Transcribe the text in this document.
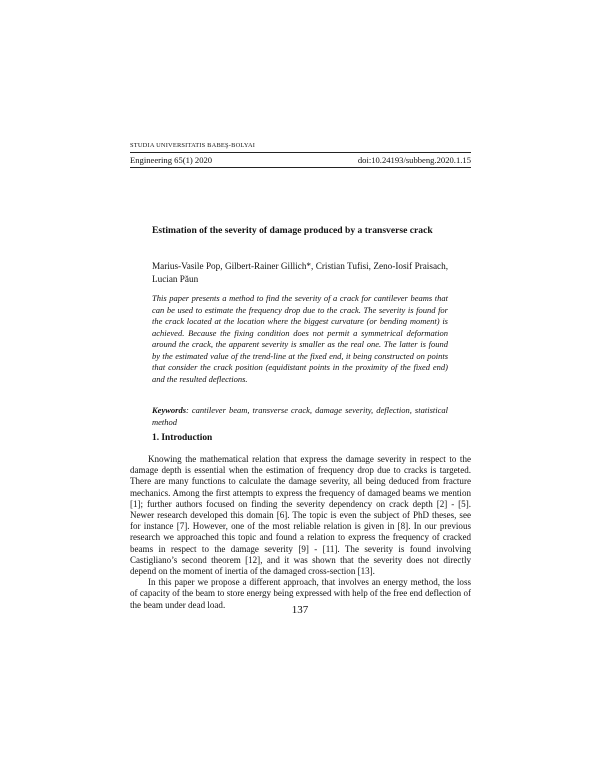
STUDIA UNIVERSITATIS BABEŞ-BOLYAI
Engineering 65(1) 2020	doi:10.24193/subbeng.2020.1.15
Estimation of the severity of damage produced by a transverse crack
Marius-Vasile Pop, Gilbert-Rainer Gillich*, Cristian Tufisi, Zeno-Iosif Praisach, Lucian Păun
This paper presents a method to find the severity of a crack for cantilever beams that can be used to estimate the frequency drop due to the crack. The severity is found for the crack located at the location where the biggest curvature (or bending moment) is achieved. Because the fixing condition does not permit a symmetrical deformation around the crack, the apparent severity is smaller as the real one. The latter is found by the estimated value of the trend-line at the fixed end, it being constructed on points that consider the crack position (equidistant points in the proximity of the fixed end) and the resulted deflections.
Keywords: cantilever beam, transverse crack, damage severity, deflection, statistical method
1. Introduction

Knowing the mathematical relation that express the damage severity in respect to the damage depth is essential when the estimation of frequency drop due to cracks is targeted. There are many functions to calculate the damage severity, all being deduced from fracture mechanics. Among the first attempts to express the frequency of damaged beams we mention [1]; further authors focused on finding the severity dependency on crack depth [2] - [5]. Newer research developed this domain [6]. The topic is even the subject of PhD theses, see for instance [7]. However, one of the most reliable relation is given in [8]. In our previous research we approached this topic and found a relation to express the frequency of cracked beams in respect to the damage severity [9] - [11]. The severity is found involving Castigliano’s second theorem [12], and it was shown that the severity does not directly depend on the moment of inertia of the damaged cross-section [13].

In this paper we propose a different approach, that involves an energy method, the loss of capacity of the beam to store energy being expressed with help of the free end deflection of the beam under dead load.	137
